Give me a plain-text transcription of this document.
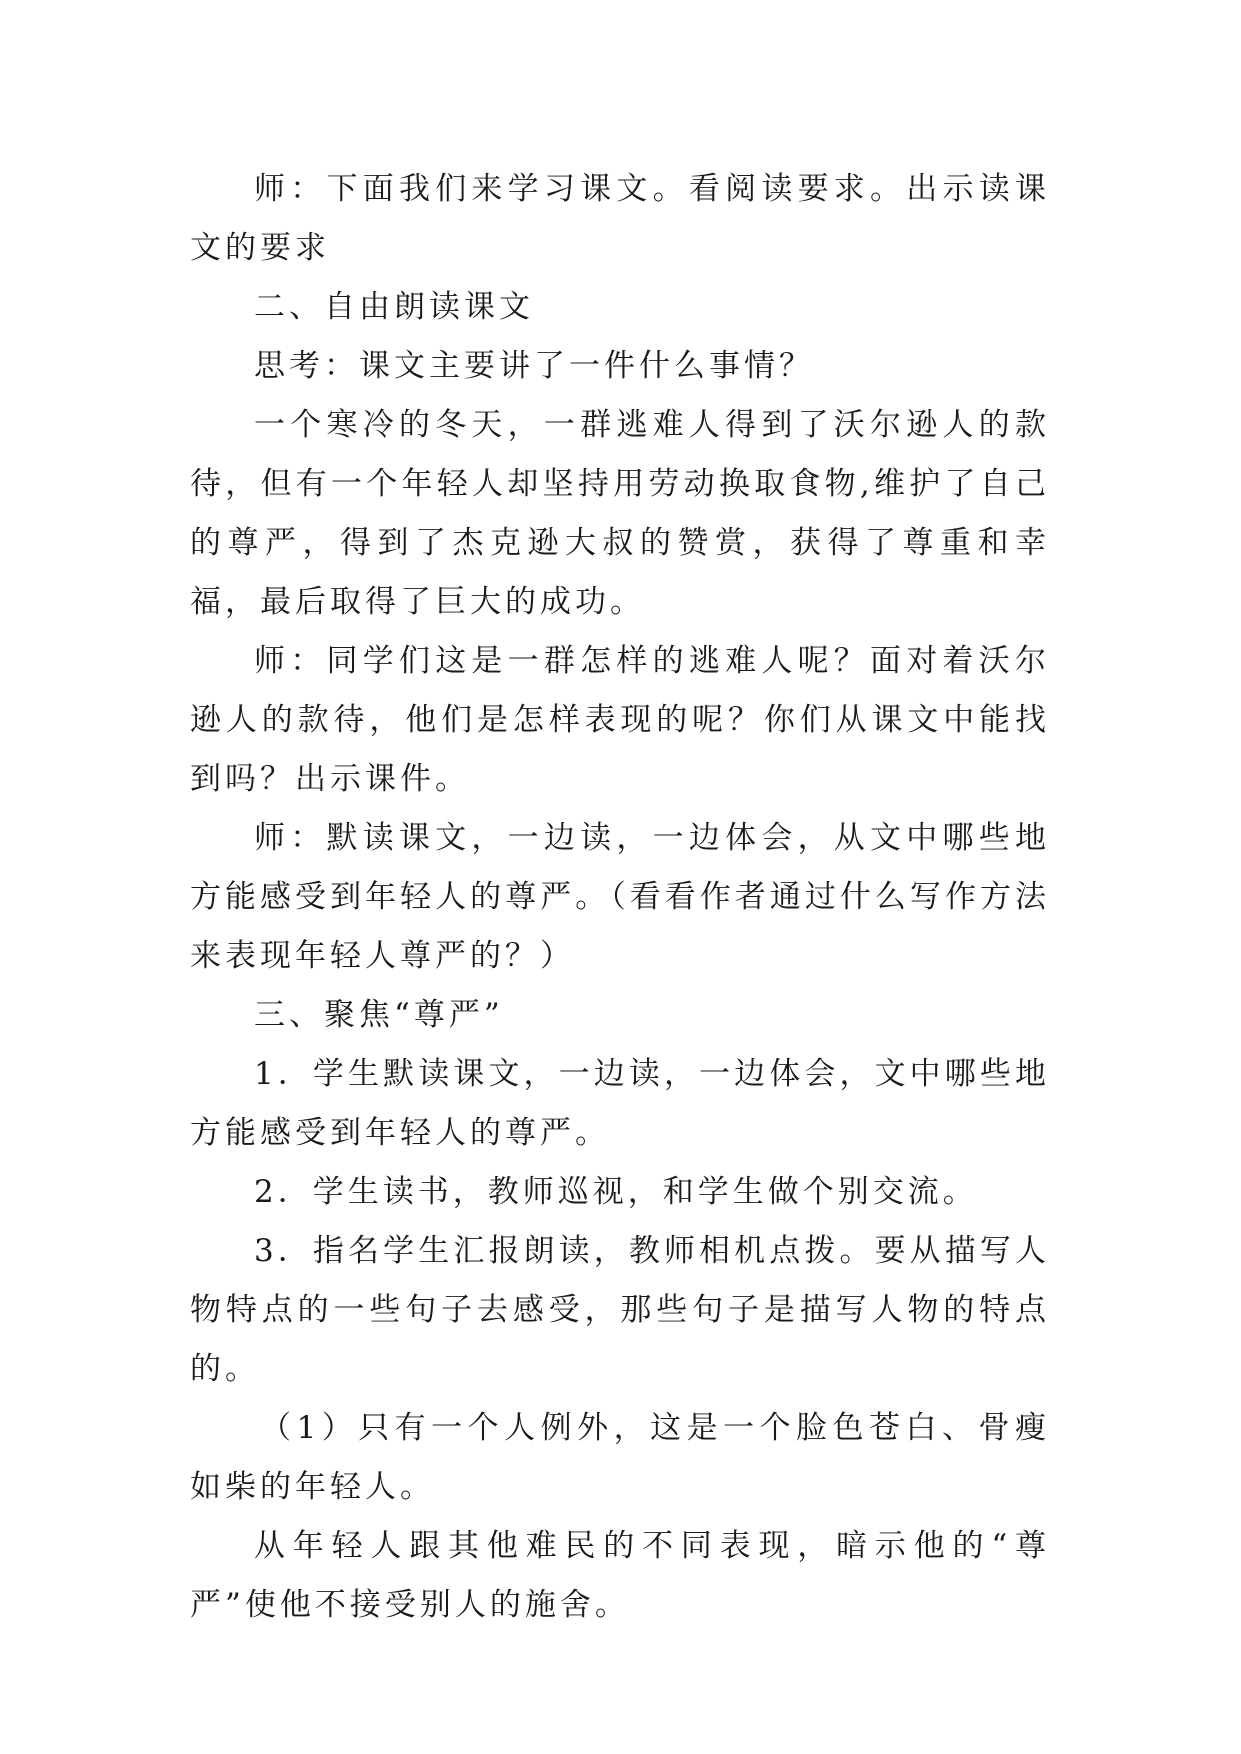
师：下面我们来学习课文。看阅读要求。出示读课文的要求

二、自由朗读课文

思考：课文主要讲了一件什么事情？

一个寒冷的冬天，一群逃难人得到了沃尔逊人的款待，但有一个年轻人却坚持用劳动换取食物,维护了自己的尊严，得到了杰克逊大叔的赞赏，获得了尊重和幸福，最后取得了巨大的成功。

师：同学们这是一群怎样的逃难人呢？面对着沃尔逊人的款待，他们是怎样表现的呢？你们从课文中能找到吗？出示课件。

师：默读课文，一边读，一边体会，从文中哪些地方能感受到年轻人的尊严。（看看作者通过什么写作方法来表现年轻人尊严的？）

三、聚焦“尊严”

1．学生默读课文，一边读，一边体会，文中哪些地方能感受到年轻人的尊严。

2．学生读书，教师巡视，和学生做个别交流。

3．指名学生汇报朗读，教师相机点拨。要从描写人物特点的一些句子去感受，那些句子是描写人物的特点的。

（1）只有一个人例外，这是一个脸色苍白、骨瘦如柴的年轻人。

从年轻人跟其他难民的不同表现，暗示他的“尊严”使他不接受别人的施舍。
